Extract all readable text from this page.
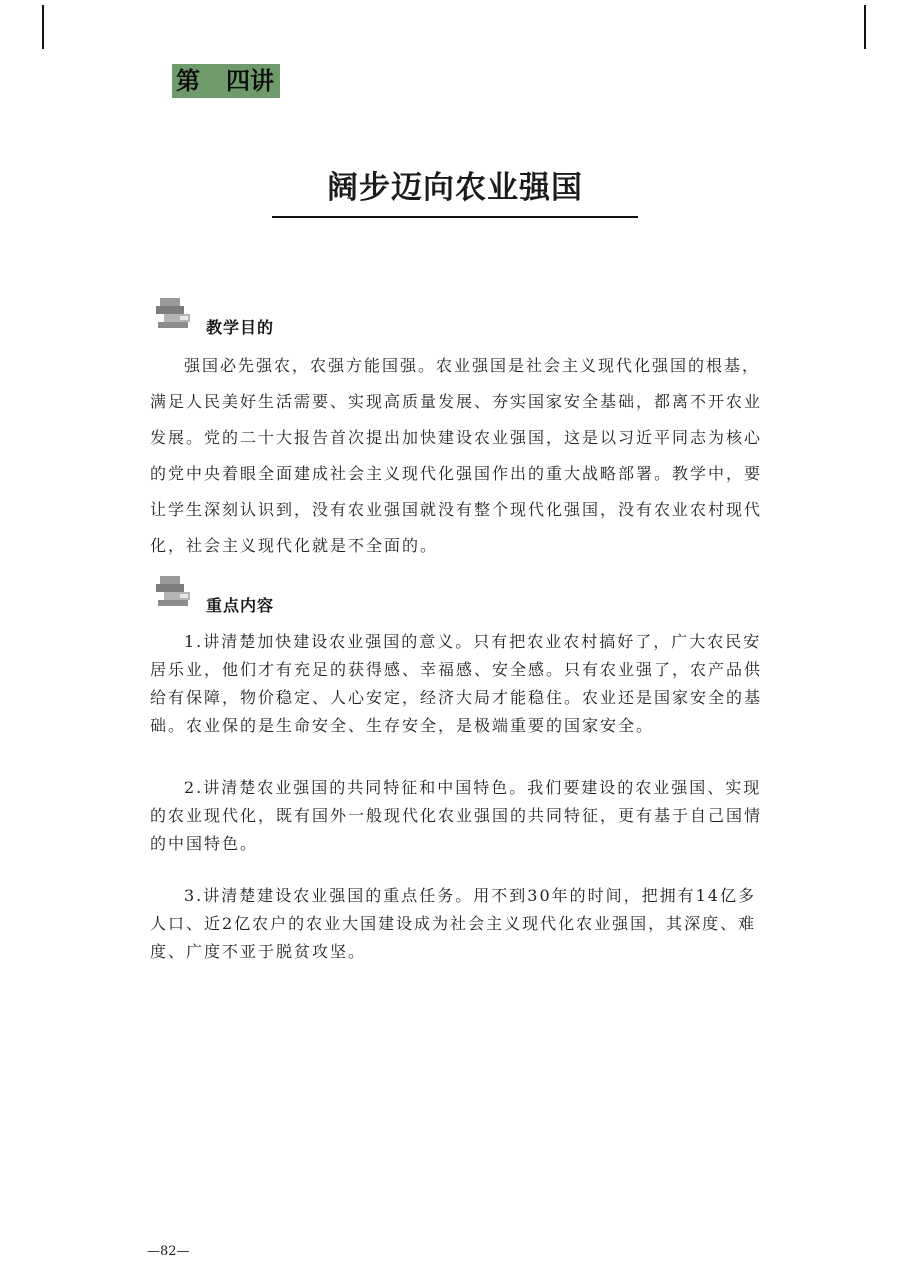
第 四讲
阔步迈向农业强国
教学目的
强国必先强农，农强方能国强。农业强国是社会主义现代化强国的根基，满足人民美好生活需要、实现高质量发展、夯实国家安全基础，都离不开农业发展。党的二十大报告首次提出加快建设农业强国，这是以习近平同志为核心的党中央着眼全面建成社会主义现代化强国作出的重大战略部署。教学中，要让学生深刻认识到，没有农业强国就没有整个现代化强国，没有农业农村现代化，社会主义现代化就是不全面的。
重点内容
1.讲清楚加快建设农业强国的意义。只有把农业农村搞好了，广大农民安居乐业，他们才有充足的获得感、幸福感、安全感。只有农业强了，农产品供给有保障，物价稳定、人心安定，经济大局才能稳住。农业还是国家安全的基础。农业保的是生命安全、生存安全，是极端重要的国家安全。
2.讲清楚农业强国的共同特征和中国特色。我们要建设的农业强国、实现的农业现代化，既有国外一般现代化农业强国的共同特征，更有基于自己国情的中国特色。
3.讲清楚建设农业强国的重点任务。用不到30年的时间，把拥有14亿多人口、近2亿农户的农业大国建设成为社会主义现代化农业强国，其深度、难度、广度不亚于脱贫攻坚。
—82—
